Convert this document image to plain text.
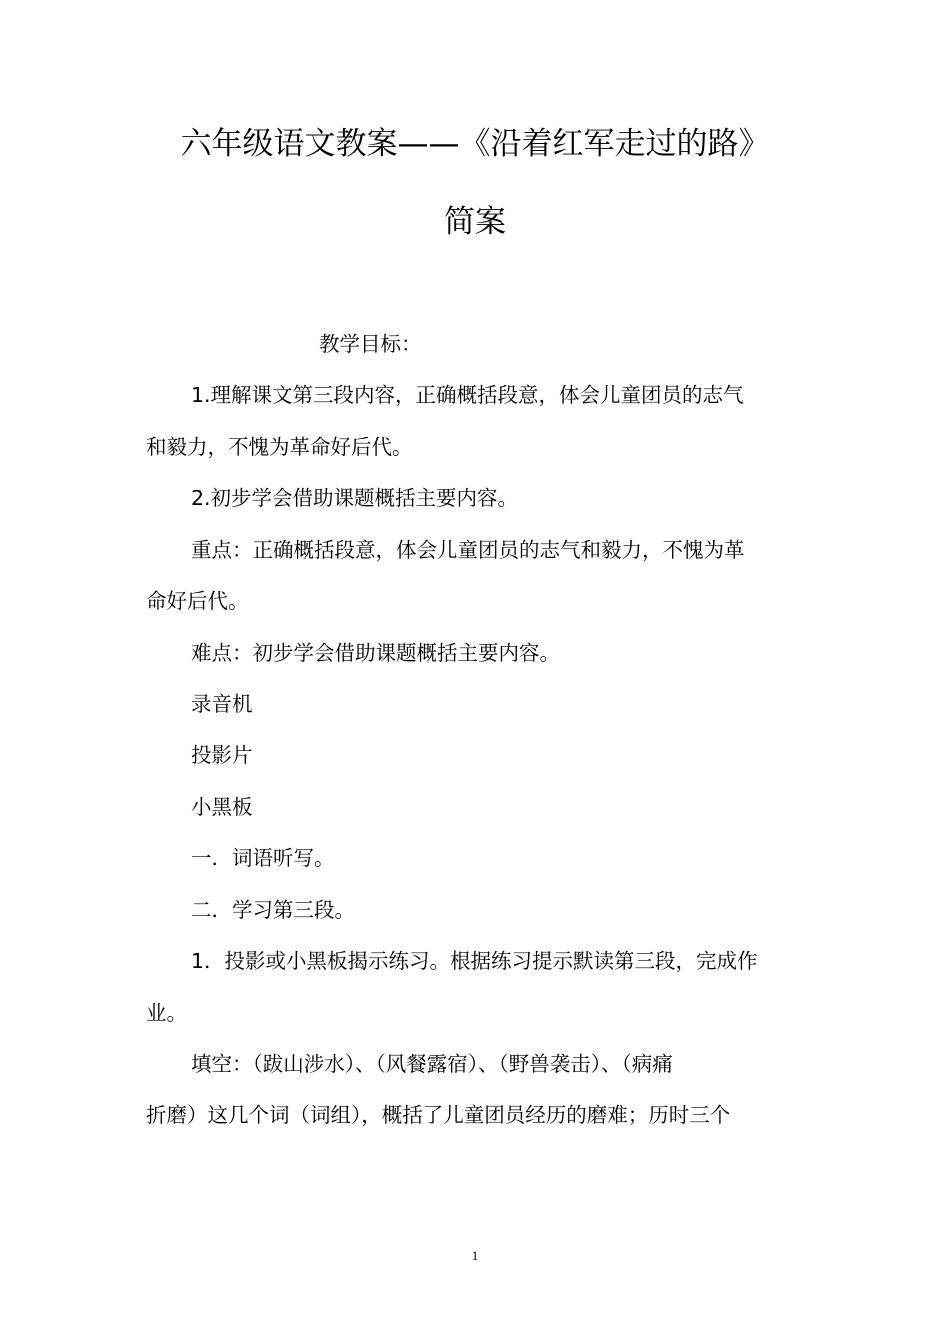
六年级语文教案——《沿着红军走过的路》
简案
教学目标：
1.理解课文第三段内容，正确概括段意，体会儿童团员的志气
和毅力，不愧为革命好后代。
2.初步学会借助课题概括主要内容。
重点：正确概括段意，体会儿童团员的志气和毅力，不愧为革
命好后代。
难点：初步学会借助课题概括主要内容。
录音机
投影片
小黑板
一．词语听写。
二．学习第三段。
1．投影或小黑板揭示练习。根据练习提示默读第三段，完成作
业。
填空：（跋山涉水）、（风餐露宿）、（野兽袭击）、（病痛
折磨）这几个词（词组），概括了儿童团员经历的磨难；历时三个
1
